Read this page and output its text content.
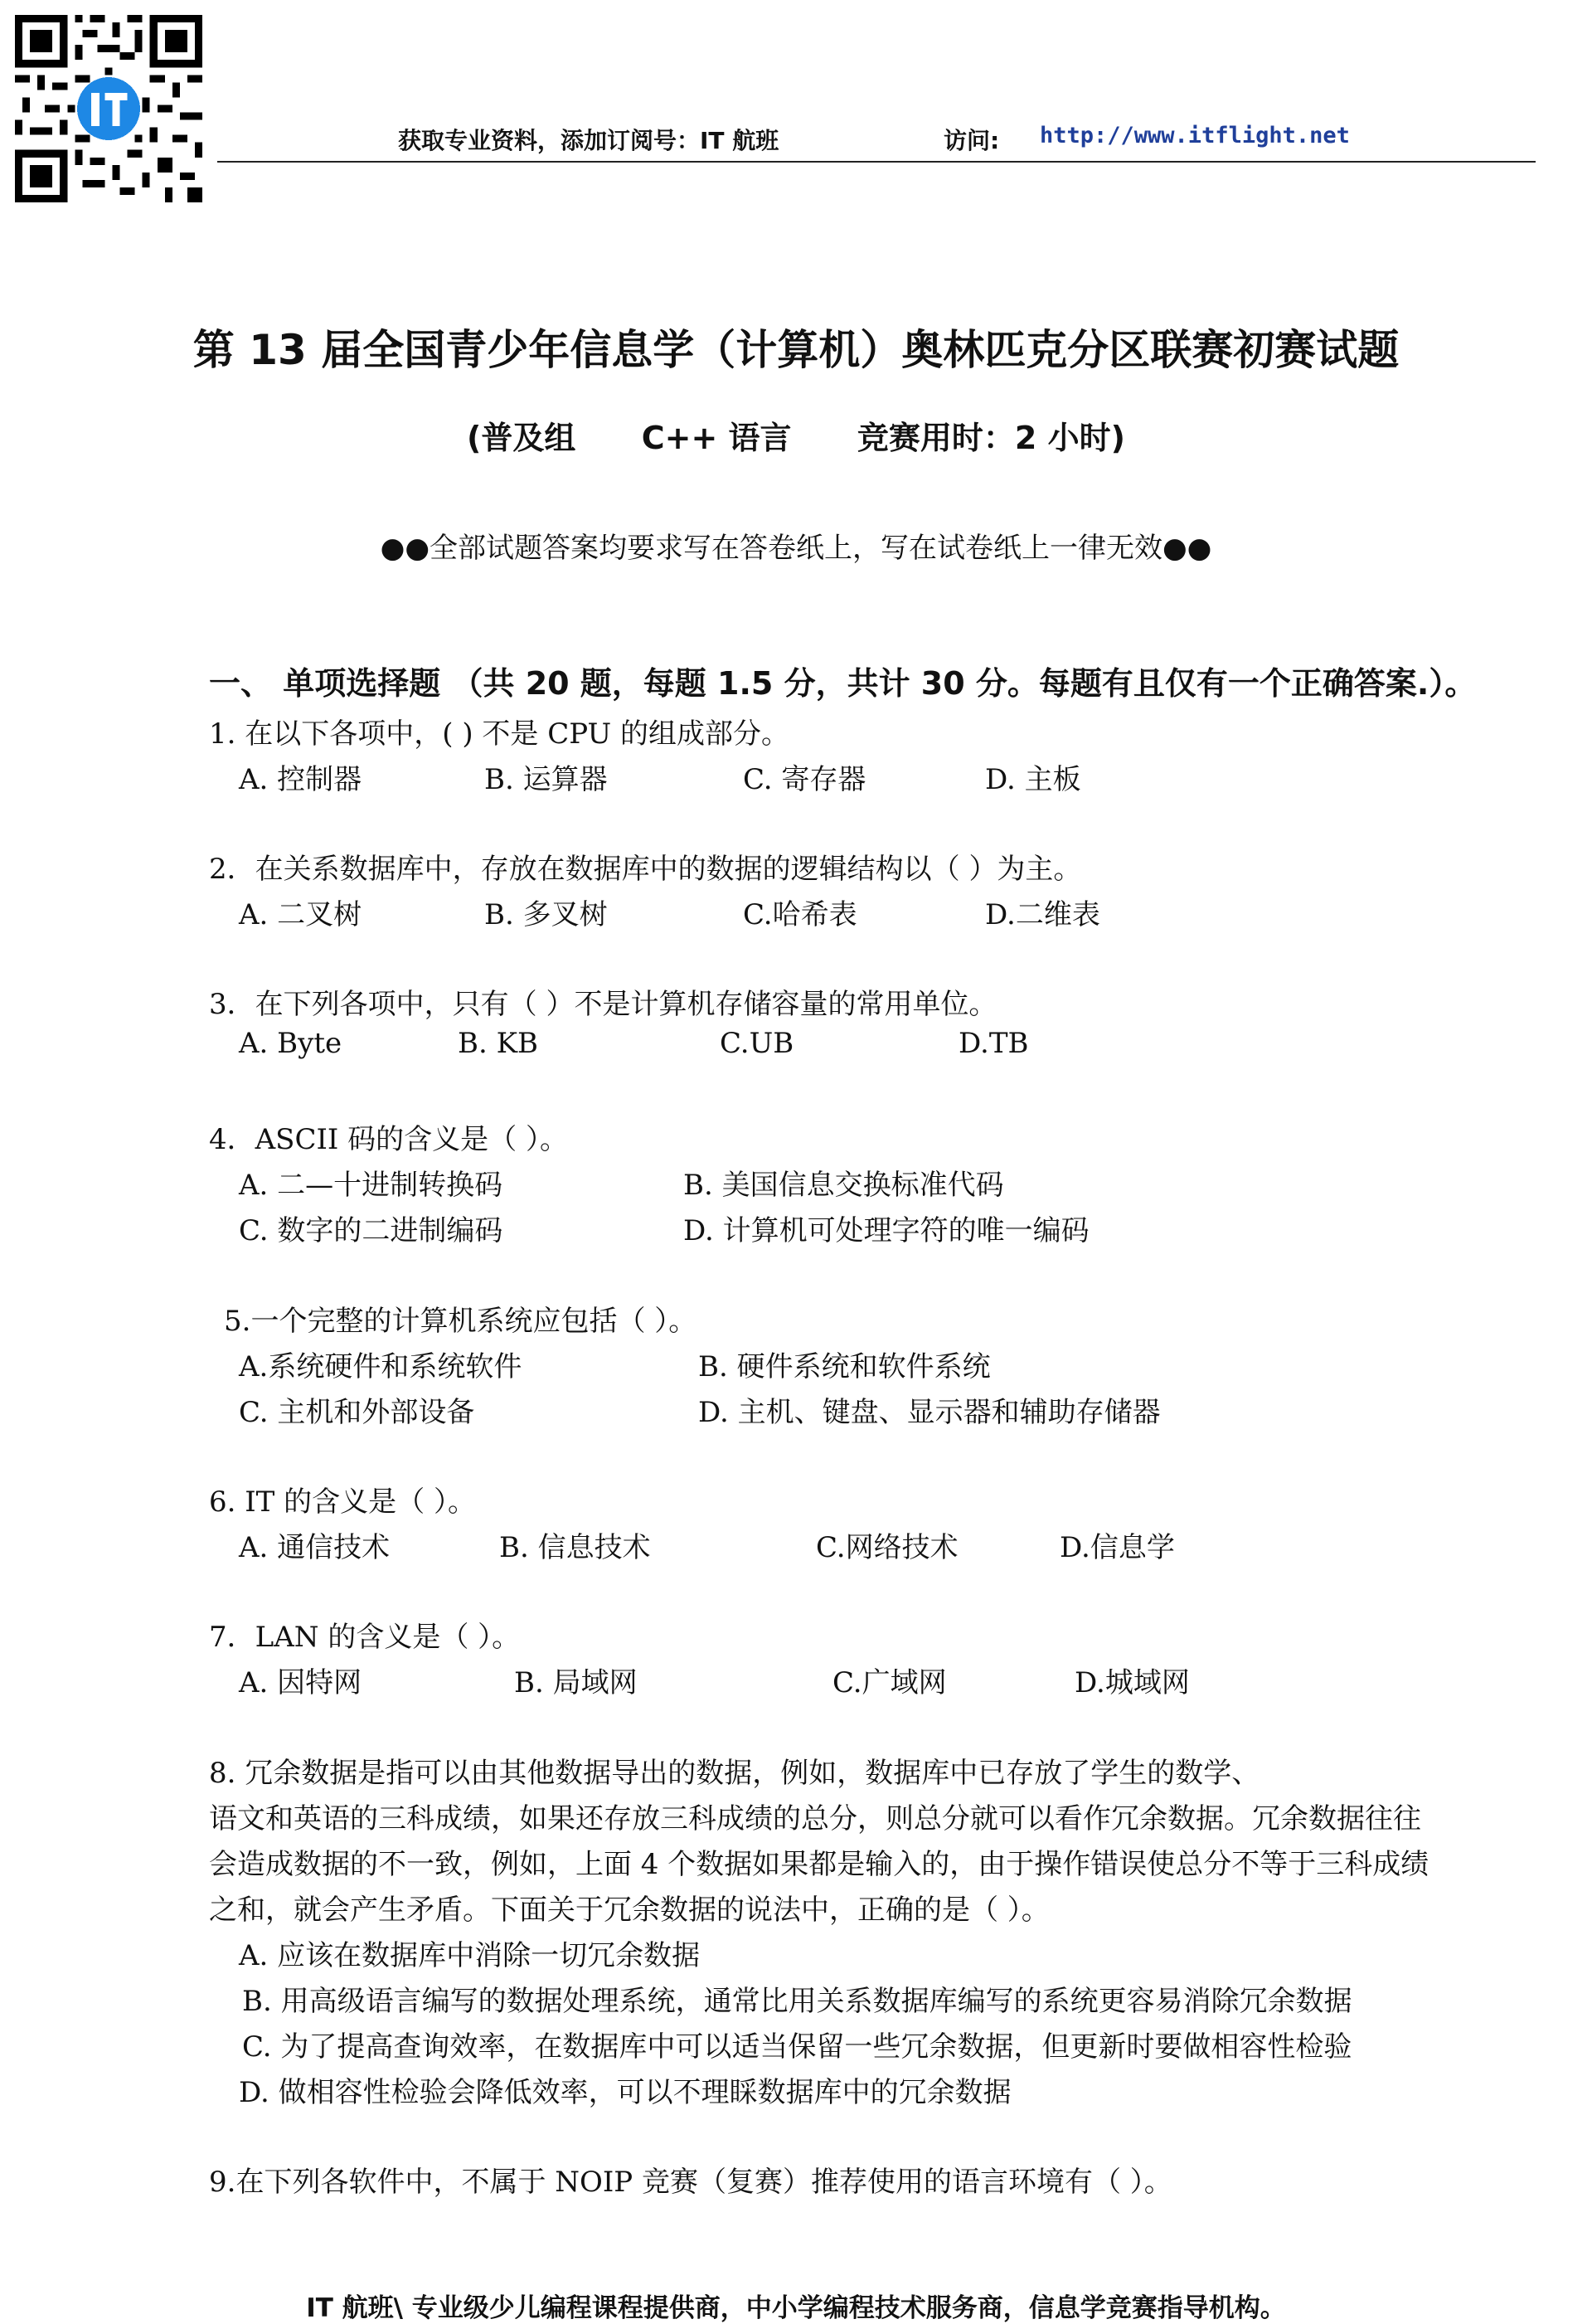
获取专业资料，添加订阅号：IT 航班	访问: http://www.itflight.net
第 13 届全国青少年信息学（计算机）奥林匹克分区联赛初赛试题
(普及组      C++ 语言      竞赛用时：2 小时)
●●全部试题答案均要求写在答卷纸上，写在试卷纸上一律无效●●
一、 单项选择题 （共 20 题，每题 1.5 分，共计 30 分。每题有且仅有一个正确答案.）。
1. 在以下各项中，( ) 不是 CPU 的组成部分。
A. 控制器	B. 运算器	C. 寄存器	D. 主板
2．在关系数据库中，存放在数据库中的数据的逻辑结构以（ ）为主。
A. 二叉树	B. 多叉树	C.哈希表	D.二维表
3．在下列各项中，只有（ ）不是计算机存储容量的常用单位。
A. Byte	B. KB	C.UB	D.TB
4．ASCII 码的含义是（ ）。
A. 二—十进制转换码	B. 美国信息交换标准代码
C. 数字的二进制编码	D. 计算机可处理字符的唯一编码
5.一个完整的计算机系统应包括（ ）。
A.系统硬件和系统软件	B. 硬件系统和软件系统
C. 主机和外部设备	D. 主机、键盘、显示器和辅助存储器
6. IT 的含义是（ ）。
A. 通信技术	B. 信息技术	C.网络技术	D.信息学
7．LAN 的含义是（ ）。
A. 因特网	B. 局域网	C.广域网	D.城域网
8. 冗余数据是指可以由其他数据导出的数据，例如，数据库中已存放了学生的数学、
语文和英语的三科成绩，如果还存放三科成绩的总分，则总分就可以看作冗余数据。冗余数据往往
会造成数据的不一致，例如，上面 4 个数据如果都是输入的，由于操作错误使总分不等于三科成绩
之和，就会产生矛盾。下面关于冗余数据的说法中，正确的是（ ）。
A. 应该在数据库中消除一切冗余数据
B. 用高级语言编写的数据处理系统，通常比用关系数据库编写的系统更容易消除冗余数据
C. 为了提高查询效率，在数据库中可以适当保留一些冗余数据，但更新时要做相容性检验
D. 做相容性检验会降低效率，可以不理睬数据库中的冗余数据
9.在下列各软件中，不属于 NOIP 竞赛（复赛）推荐使用的语言环境有（ ）。
IT 航班\ 专业级少儿编程课程提供商，中小学编程技术服务商，信息学竞赛指导机构。
